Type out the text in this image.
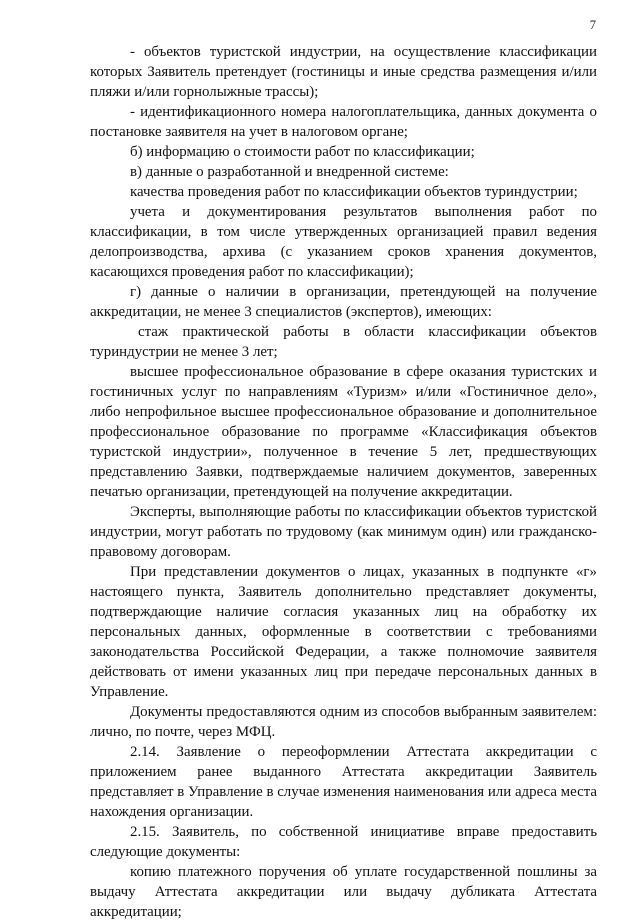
7

- объектов туристской индустрии, на осуществление классификации которых Заявитель претендует (гостиницы и иные средства размещения и/или пляжи и/или горнолыжные трассы);

- идентификационного номера налогоплательщика, данных документа о постановке заявителя на учет в налоговом органе;

б) информацию о стоимости работ по классификации;

в) данные о разработанной и внедренной системе:

качества проведения работ по классификации объектов туриндустрии;

учета и документирования результатов выполнения работ по классификации, в том числе утвержденных организацией правил ведения делопроизводства, архива (с указанием сроков хранения документов, касающихся проведения работ по классификации);

г) данные о наличии в организации, претендующей на получение аккредитации, не менее 3 специалистов (экспертов), имеющих:

стаж практической работы в области классификации объектов туриндустрии не менее 3 лет;

высшее профессиональное образование в сфере оказания туристских и гостиничных услуг по направлениям «Туризм» и/или «Гостиничное дело», либо непрофильное высшее профессиональное образование и дополнительное профессиональное образование по программе «Классификация объектов туристской индустрии», полученное в течение 5 лет, предшествующих представлению Заявки, подтверждаемые наличием документов, заверенных печатью организации, претендующей на получение аккредитации.

Эксперты, выполняющие работы по классификации объектов туристской индустрии, могут работать по трудовому (как минимум один) или гражданско-правовому договорам.

При представлении документов о лицах, указанных в подпункте «г» настоящего пункта, Заявитель дополнительно представляет документы, подтверждающие наличие согласия указанных лиц на обработку их персональных данных, оформленные в соответствии с требованиями законодательства Российской Федерации, а также полномочие заявителя действовать от имени указанных лиц при передаче персональных данных в Управление.

Документы предоставляются одним из способов выбранным заявителем: лично, по почте, через МФЦ.

2.14. Заявление о переоформлении Аттестата аккредитации с приложением ранее выданного Аттестата аккредитации Заявитель представляет в Управление в случае изменения наименования или адреса места нахождения организации.

2.15. Заявитель, по собственной инициативе вправе предоставить следующие документы:

копию платежного поручения об уплате государственной пошлины за выдачу Аттестата аккредитации или выдачу дубликата Аттестата аккредитации;
